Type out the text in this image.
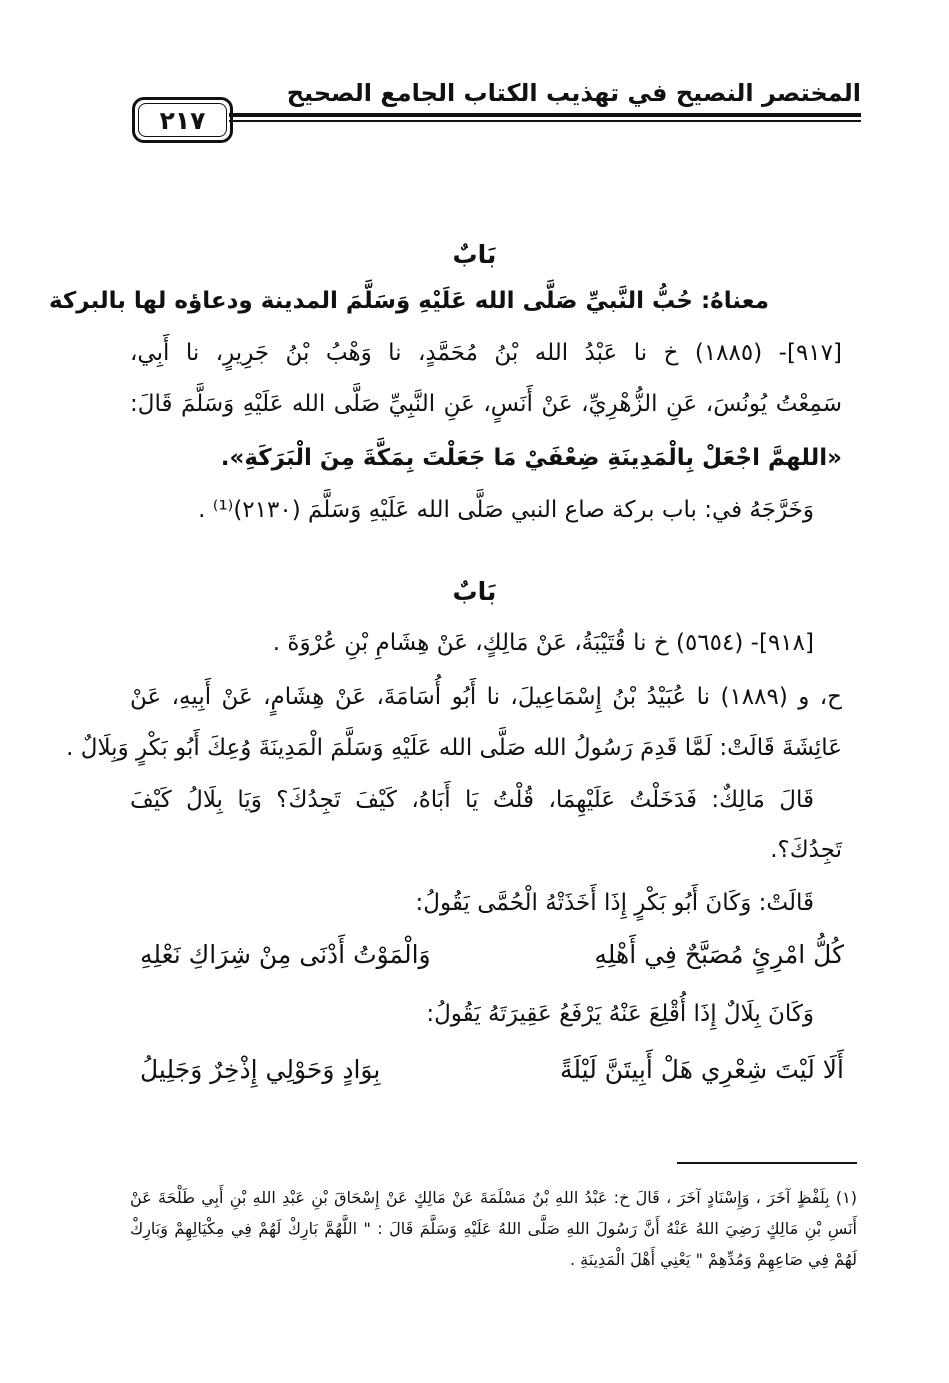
المختصر النصيح في تهذيب الكتاب الجامع الصحيح
٢١٧
بَابٌ
معناهُ: حُبُّ النَّبيِّ صَلَّى الله عَلَيْهِ وَسَلَّمَ المدينة ودعاؤه لها بالبركة
[٩١٧]- (١٨٨٥) خ نا عَبْدُ الله بْنُ مُحَمَّدٍ، نا وَهْبُ بْنُ جَرِيرٍ، نا أَبِي،
سَمِعْتُ يُونُسَ، عَنِ الزُّهْرِيِّ، عَنْ أَنَسٍ، عَنِ النَّبِيِّ صَلَّى الله عَلَيْهِ وَسَلَّمَ قَالَ:
«اللهمَّ اجْعَلْ بِالْمَدِينَةِ ضِعْفَيْ مَا جَعَلْتَ بِمَكَّةَ مِنَ الْبَرَكَةِ».
وَخَرَّجَهُ في: باب بركة صاع النبي صَلَّى الله عَلَيْهِ وَسَلَّمَ (٢١٣٠)⁽¹⁾ .
بَابٌ
[٩١٨]- (٥٦٥٤) خ نا قُتَيْبَةُ، عَنْ مَالِكٍ، عَنْ هِشَامِ بْنِ عُرْوَةَ .
ح، و (١٨٨٩) نا عُبَيْدُ بْنُ إِسْمَاعِيلَ، نا أَبُو أُسَامَةَ، عَنْ هِشَامٍ، عَنْ أَبِيهِ، عَنْ
عَائِشَةَ قَالَتْ: لَمَّا قَدِمَ رَسُولُ الله صَلَّى الله عَلَيْهِ وَسَلَّمَ الْمَدِينَةَ وُعِكَ أَبُو بَكْرٍ وَبِلَالٌ .
قَالَ مَالِكٌ: فَدَخَلْتُ عَلَيْهِمَا، قُلْتُ يَا أَبَاهُ، كَيْفَ تَجِدُكَ؟ وَيَا بِلَالُ كَيْفَ
تَجِدُكَ؟.
قَالَتْ: وَكَانَ أَبُو بَكْرٍ إِذَا أَخَذَتْهُ الْحُمَّى يَقُولُ:
كُلُّ امْرِئٍ مُصَبَّحٌ فِي أَهْلِهِ
وَالْمَوْتُ أَدْنَى مِنْ شِرَاكِ نَعْلِهِ
وَكَانَ بِلَالٌ إِذَا أُقْلِعَ عَنْهُ يَرْفَعُ عَقِيرَتَهُ يَقُولُ:
أَلَا لَيْتَ شِعْرِي هَلْ أَبِيتَنَّ لَيْلَةً
بِوَادٍ وَحَوْلِي إِذْخِرٌ وَجَلِيلُ
(١) بِلَفْظٍ آخَرَ ، وَإِسْنَادٍ آخَرَ ، قَالَ خ: عَبْدُ اللهِ بْنُ مَسْلَمَةَ عَنْ مَالِكٍ عَنْ إِسْحَاقَ بْنِ عَبْدِ اللهِ بْنِ أَبِي طَلْحَةَ عَنْ
أَنَسِ بْنِ مَالِكٍ رَضِيَ اللهُ عَنْهُ أَنَّ رَسُولَ اللهِ صَلَّى اللهُ عَلَيْهِ وَسَلَّمَ قَالَ : " اللَّهُمَّ بَارِكْ لَهُمْ فِي مِكْيَالِهِمْ وَبَارِكْ
لَهُمْ فِي صَاعِهِمْ وَمُدِّهِمْ " يَعْنِي أَهْلَ الْمَدِينَةِ .
